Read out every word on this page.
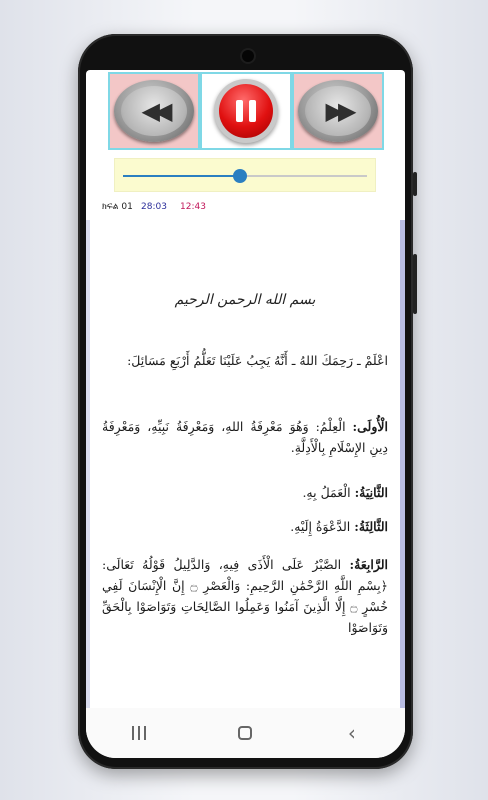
◀◀	▶▶
ክፍል 01 28:03 12:43
بسم الله الرحمن الرحيم
اعْلَمْ ـ رَحِمَكَ اللهُ ـ أَنَّهُ يَجِبُ عَلَيْنَا تَعَلُّمُ أَرْبَعِ مَسَائِلَ:
الْأُولَى: الْعِلْمُ: وَهُوَ مَعْرِفَةُ اللهِ، وَمَعْرِفَةُ نَبِيِّهِ، وَمَعْرِفَةُ دِينِ الإِسْلَامِ بِالْأَدِلَّةِ.
الثَّانِيَةُ: الْعَمَلُ بِهِ.
الثَّالِثَةُ: الدَّعْوَةُ إِلَيْهِ.
الرَّابِعَةُ: الصَّبْرُ عَلَى الْأَذَى فِيهِ، وَالدَّلِيلُ قَوْلُهُ تَعَالَى: ﴿بِسْمِ اللَّهِ الرَّحْمَٰنِ الرَّحِيمِ: وَالْعَصْرِ ۝ إِنَّ الْإِنْسَانَ لَفِي خُسْرٍ ۝ إِلَّا الَّذِينَ آمَنُوا وَعَمِلُوا الصَّالِحَاتِ وَتَوَاصَوْا بِالْحَقِّ وَتَوَاصَوْا
‹
